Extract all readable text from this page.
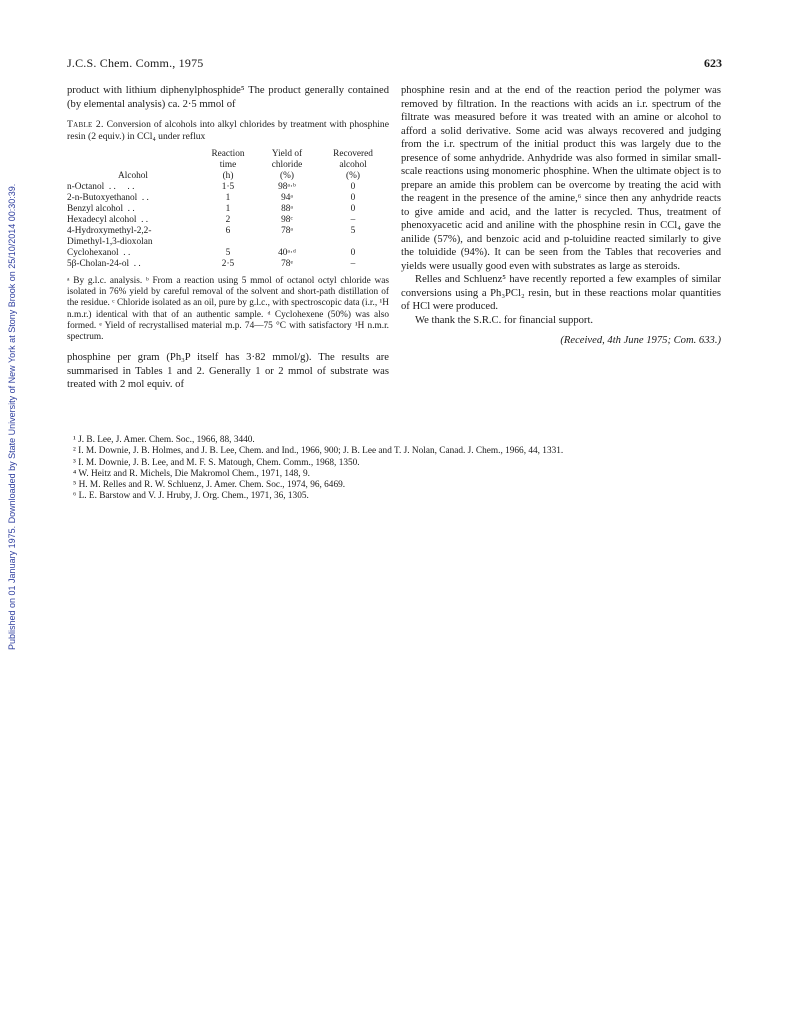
Published on 01 January 1975. Downloaded by State University of New York at Stony Brook on 25/10/2014 00:30:39.
J.C.S. Chem. Comm., 1975	623

product with lithium diphenylphosphide⁵ The product generally contained (by elemental analysis) ca. 2·5 mmol of

Table 2. Conversion of alcohols into alkyl chlorides by treatment with phosphine resin (2 equiv.) in CCl₄ under reflux

	Reaction	Yield of	Recovered
	time	chloride	alcohol
Alcohol	(h)	(%)	(%)
n-Octanol  . .     . .	1·5	98ᵃ·ᵇ	0
2-n-Butoxyethanol  . .	1	94ᵃ	0
Benzyl alcohol  . .	1	88ᵃ	0
Hexadecyl alcohol  . .	2	98ᶜ	–
4-Hydroxymethyl-2,2-	6	78ᵃ	5
Dimethyl-1,3-dioxolan			
Cyclohexanol  . .	5	40ᵃ·ᵈ	0
5β-Cholan-24-ol  . .	2·5	78ᵉ	–

ᵃ By g.l.c. analysis. ᵇ From a reaction using 5 mmol of octanol octyl chloride was isolated in 76% yield by careful removal of the solvent and short-path distillation of the residue. ᶜ Chloride isolated as an oil, pure by g.l.c., with spectroscopic data (i.r., ¹H n.m.r.) identical with that of an authentic sample. ᵈ Cyclohexene (50%) was also formed. ᵉ Yield of recrystallised material m.p. 74—75 °C with satisfactory ¹H n.m.r. spectrum.

phosphine per gram (Ph₃P itself has 3·82 mmol/g). The results are summarised in Tables 1 and 2. Generally 1 or 2 mmol of substrate was treated with 2 mol equiv. of

phosphine resin and at the end of the reaction period the polymer was removed by filtration. In the reactions with acids an i.r. spectrum of the filtrate was measured before it was treated with an amine or alcohol to afford a solid derivative. Some acid was always recovered and judging from the i.r. spectrum of the initial product this was largely due to the presence of some anhydride. Anhydride was also formed in similar small-scale reactions using monomeric phosphine. When the ultimate object is to prepare an amide this problem can be overcome by treating the acid with the reagent in the presence of the amine,⁶ since then any anhydride reacts to give amide and acid, and the latter is recycled. Thus, treatment of phenoxyacetic acid and aniline with the phosphine resin in CCl₄ gave the anilide (57%), and benzoic acid and p-toluidine reacted similarly to give the toluidide (94%). It can be seen from the Tables that recoveries and yields were usually good even with substrates as large as steroids.

Relles and Schluenz⁵ have recently reported a few examples of similar conversions using a Ph₃PCl₂ resin, but in these reactions molar quantities of HCl were produced.

We thank the S.R.C. for financial support.

(Received, 4th June 1975; Com. 633.)

¹ J. B. Lee, J. Amer. Chem. Soc., 1966, 88, 3440.
² I. M. Downie, J. B. Holmes, and J. B. Lee, Chem. and Ind., 1966, 900; J. B. Lee and T. J. Nolan, Canad. J. Chem., 1966, 44, 1331.
³ I. M. Downie, J. B. Lee, and M. F. S. Matough, Chem. Comm., 1968, 1350.
⁴ W. Heitz and R. Michels, Die Makromol Chem., 1971, 148, 9.
⁵ H. M. Relles and R. W. Schluenz, J. Amer. Chem. Soc., 1974, 96, 6469.
⁶ L. E. Barstow and V. J. Hruby, J. Org. Chem., 1971, 36, 1305.
